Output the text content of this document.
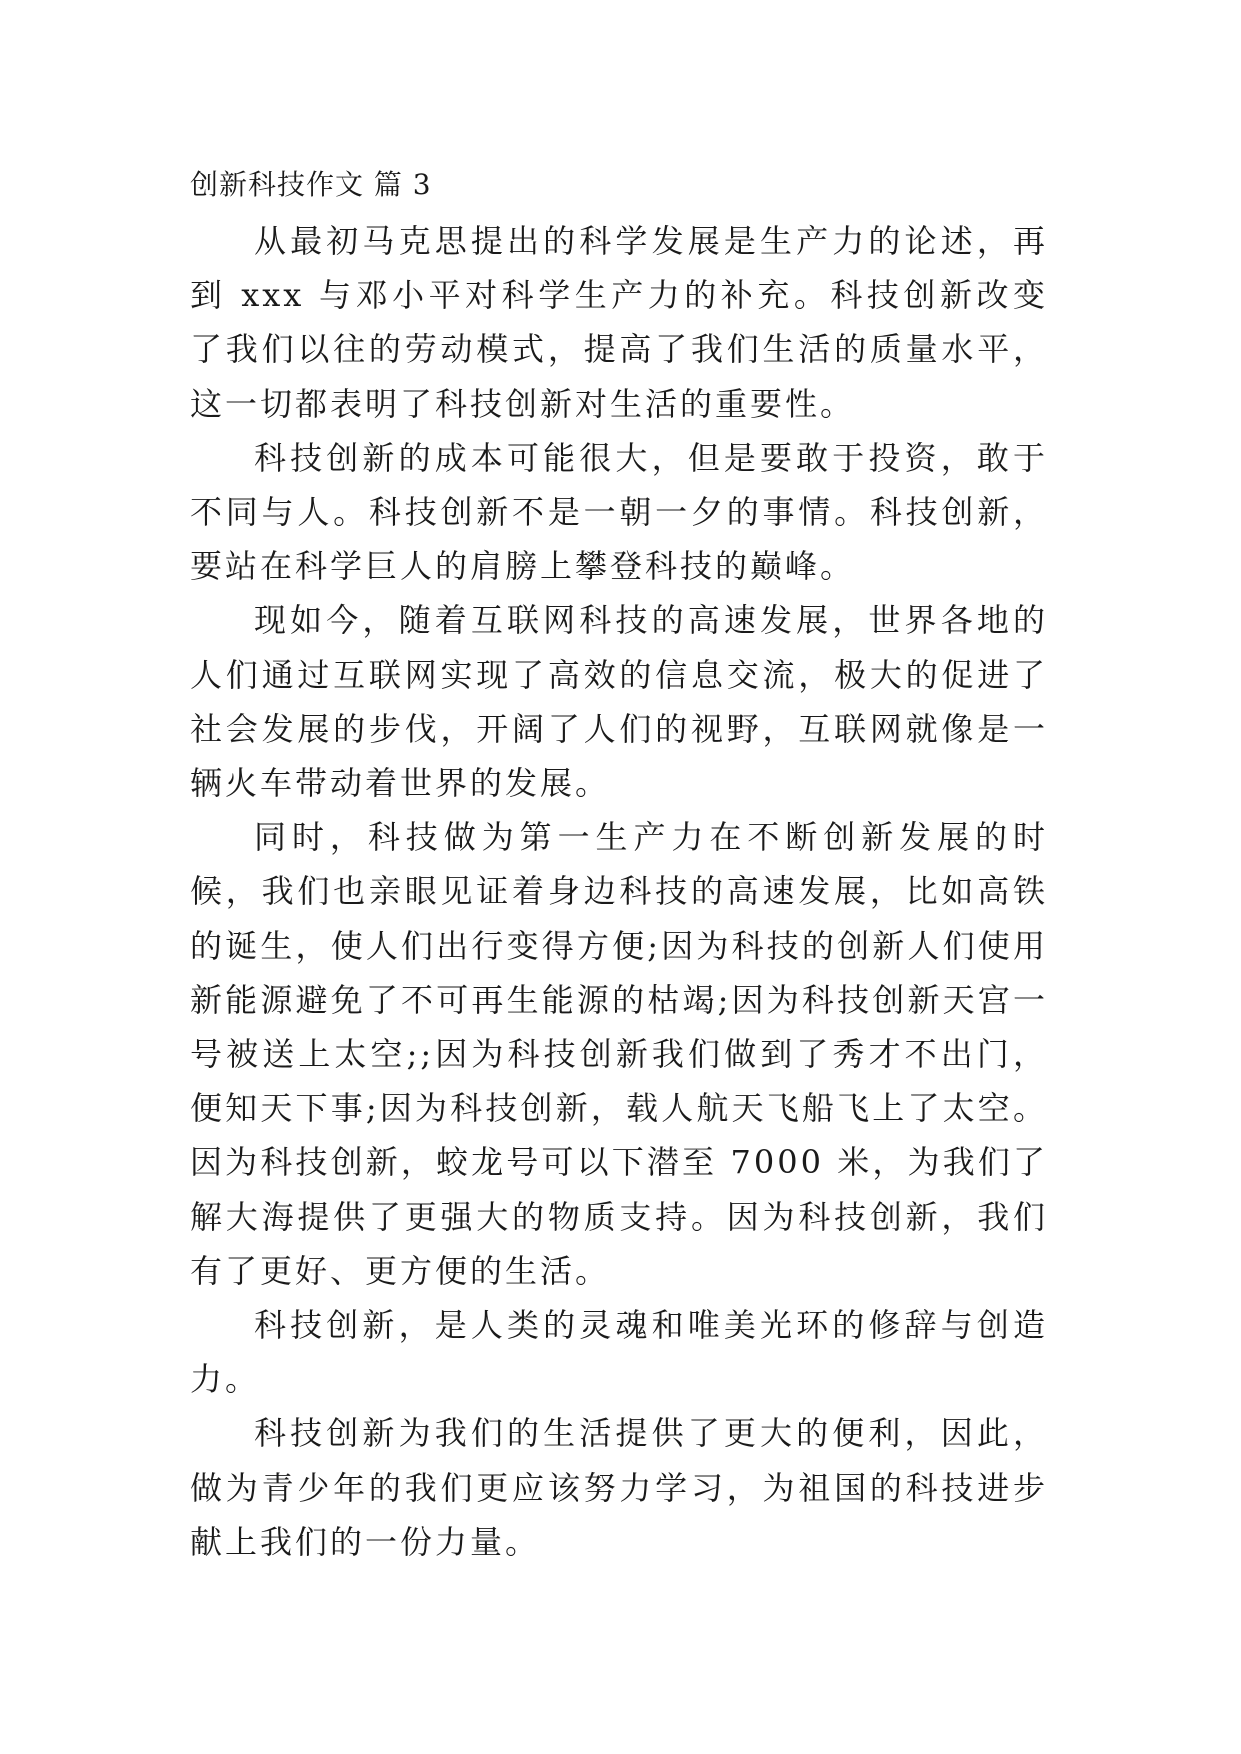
创新科技作文 篇 3

从最初马克思提出的科学发展是生产力的论述，再到 xxx 与邓小平对科学生产力的补充。科技创新改变了我们以往的劳动模式，提高了我们生活的质量水平，这一切都表明了科技创新对生活的重要性。

科技创新的成本可能很大，但是要敢于投资，敢于不同与人。科技创新不是一朝一夕的事情。科技创新，要站在科学巨人的肩膀上攀登科技的巅峰。

现如今，随着互联网科技的高速发展，世界各地的人们通过互联网实现了高效的信息交流，极大的促进了社会发展的步伐，开阔了人们的视野，互联网就像是一辆火车带动着世界的发展。

同时，科技做为第一生产力在不断创新发展的时候，我们也亲眼见证着身边科技的高速发展，比如高铁的诞生，使人们出行变得方便;因为科技的创新人们使用新能源避免了不可再生能源的枯竭;因为科技创新天宫一号被送上太空;;因为科技创新我们做到了秀才不出门，便知天下事;因为科技创新，载人航天飞船飞上了太空。因为科技创新，蛟龙号可以下潜至 7000 米，为我们了解大海提供了更强大的物质支持。因为科技创新，我们有了更好、更方便的生活。

科技创新，是人类的灵魂和唯美光环的修辞与创造力。

科技创新为我们的生活提供了更大的便利，因此，做为青少年的我们更应该努力学习，为祖国的科技进步献上我们的一份力量。
